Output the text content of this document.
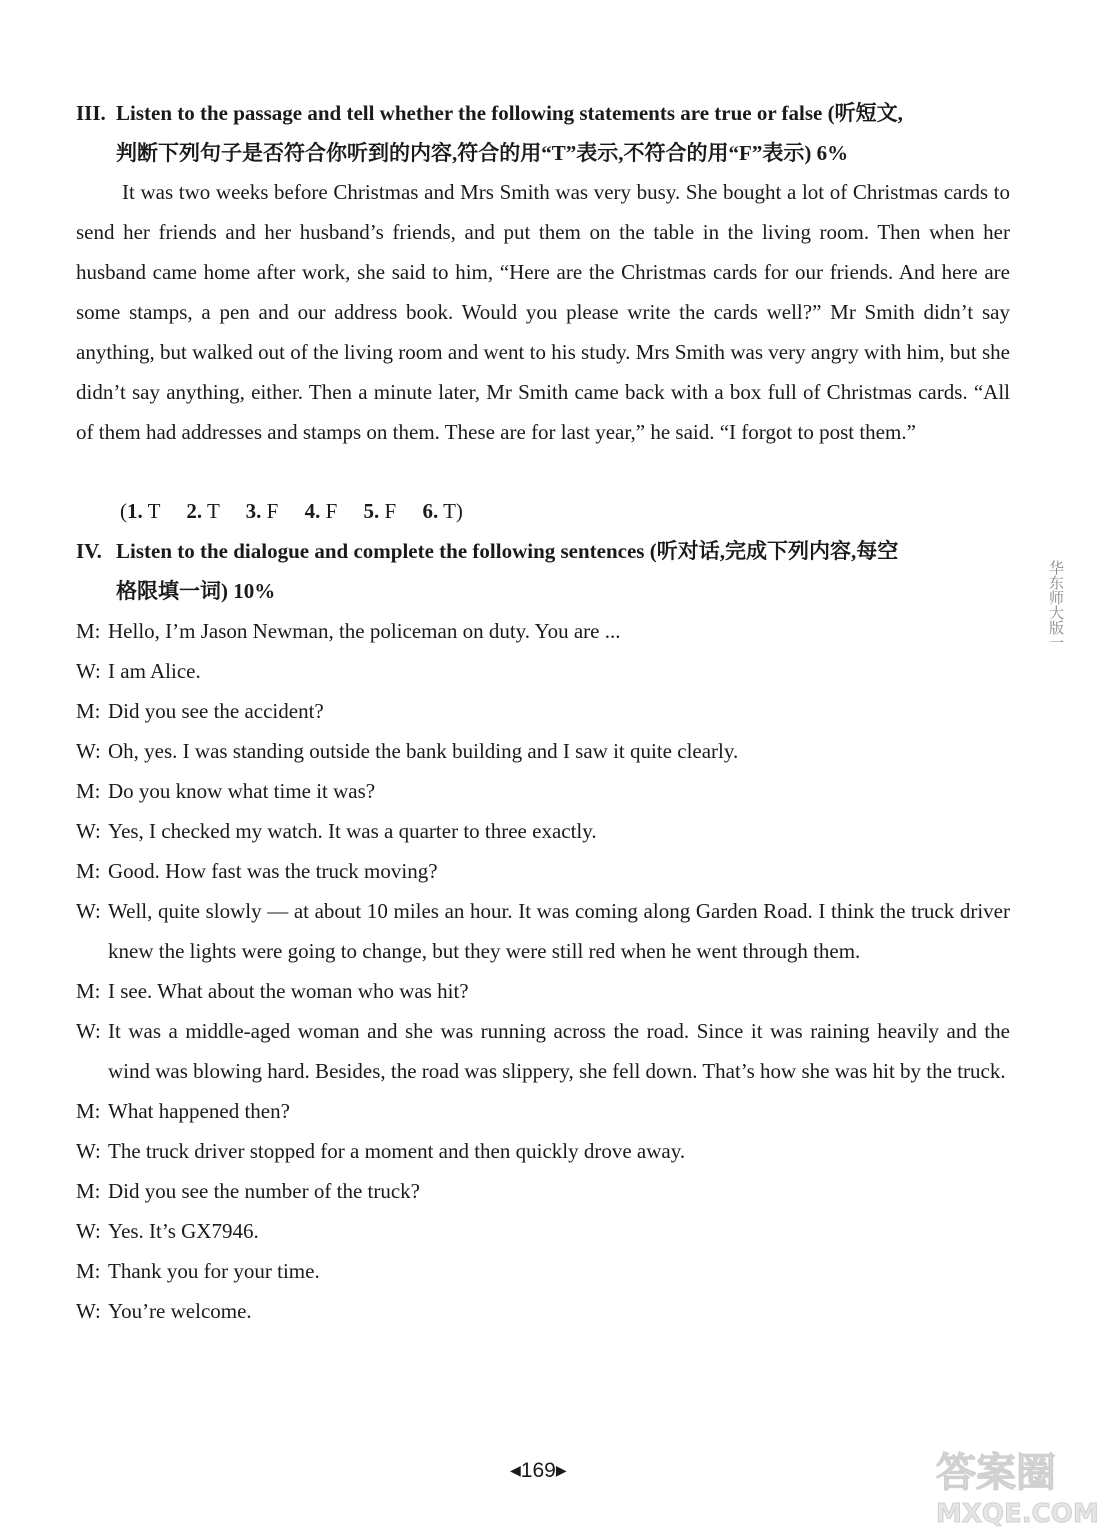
III. Listen to the passage and tell whether the following statements are true or false (听短文,
判断下列句子是否符合你听到的内容,符合的用“T”表示,不符合的用“F”表示) 6%
It was two weeks before Christmas and Mrs Smith was very busy. She bought a lot of Christmas cards to send her friends and her husband’s friends, and put them on the table in the living room. Then when her husband came home after work, she said to him, “Here are the Christmas cards for our friends. And here are some stamps, a pen and our address book. Would you please write the cards well?” Mr Smith didn’t say anything, but walked out of the living room and went to his study. Mrs Smith was very angry with him, but she didn’t say anything, either. Then a minute later, Mr Smith came back with a box full of Christmas cards. “All of them had addresses and stamps on them. These are for last year,” he said. “I forgot to post them.”
(1. T 2. T 3. F 4. F 5. F 6. T)
IV. Listen to the dialogue and complete the following sentences (听对话,完成下列内容,每空
格限填一词) 10%
M: Hello, I’m Jason Newman, the policeman on duty. You are ...
W: I am Alice.
M: Did you see the accident?
W: Oh, yes. I was standing outside the bank building and I saw it quite clearly.
M: Do you know what time it was?
W: Yes, I checked my watch. It was a quarter to three exactly.
M: Good. How fast was the truck moving?
W: Well, quite slowly — at about 10 miles an hour. It was coming along Garden Road. I think the truck driver knew the lights were going to change, but they were still red when he went through them.
M: I see. What about the woman who was hit?
W: It was a middle-aged woman and she was running across the road. Since it was raining heavily and the wind was blowing hard. Besides, the road was slippery, she fell down. That’s how she was hit by the truck.
M: What happened then?
W: The truck driver stopped for a moment and then quickly drove away.
M: Did you see the number of the truck?
W: Yes. It’s GX7946.
M: Thank you for your time.
W: You’re welcome.
华东师大版一
◀169▶	答案圈
MXQE.COM
